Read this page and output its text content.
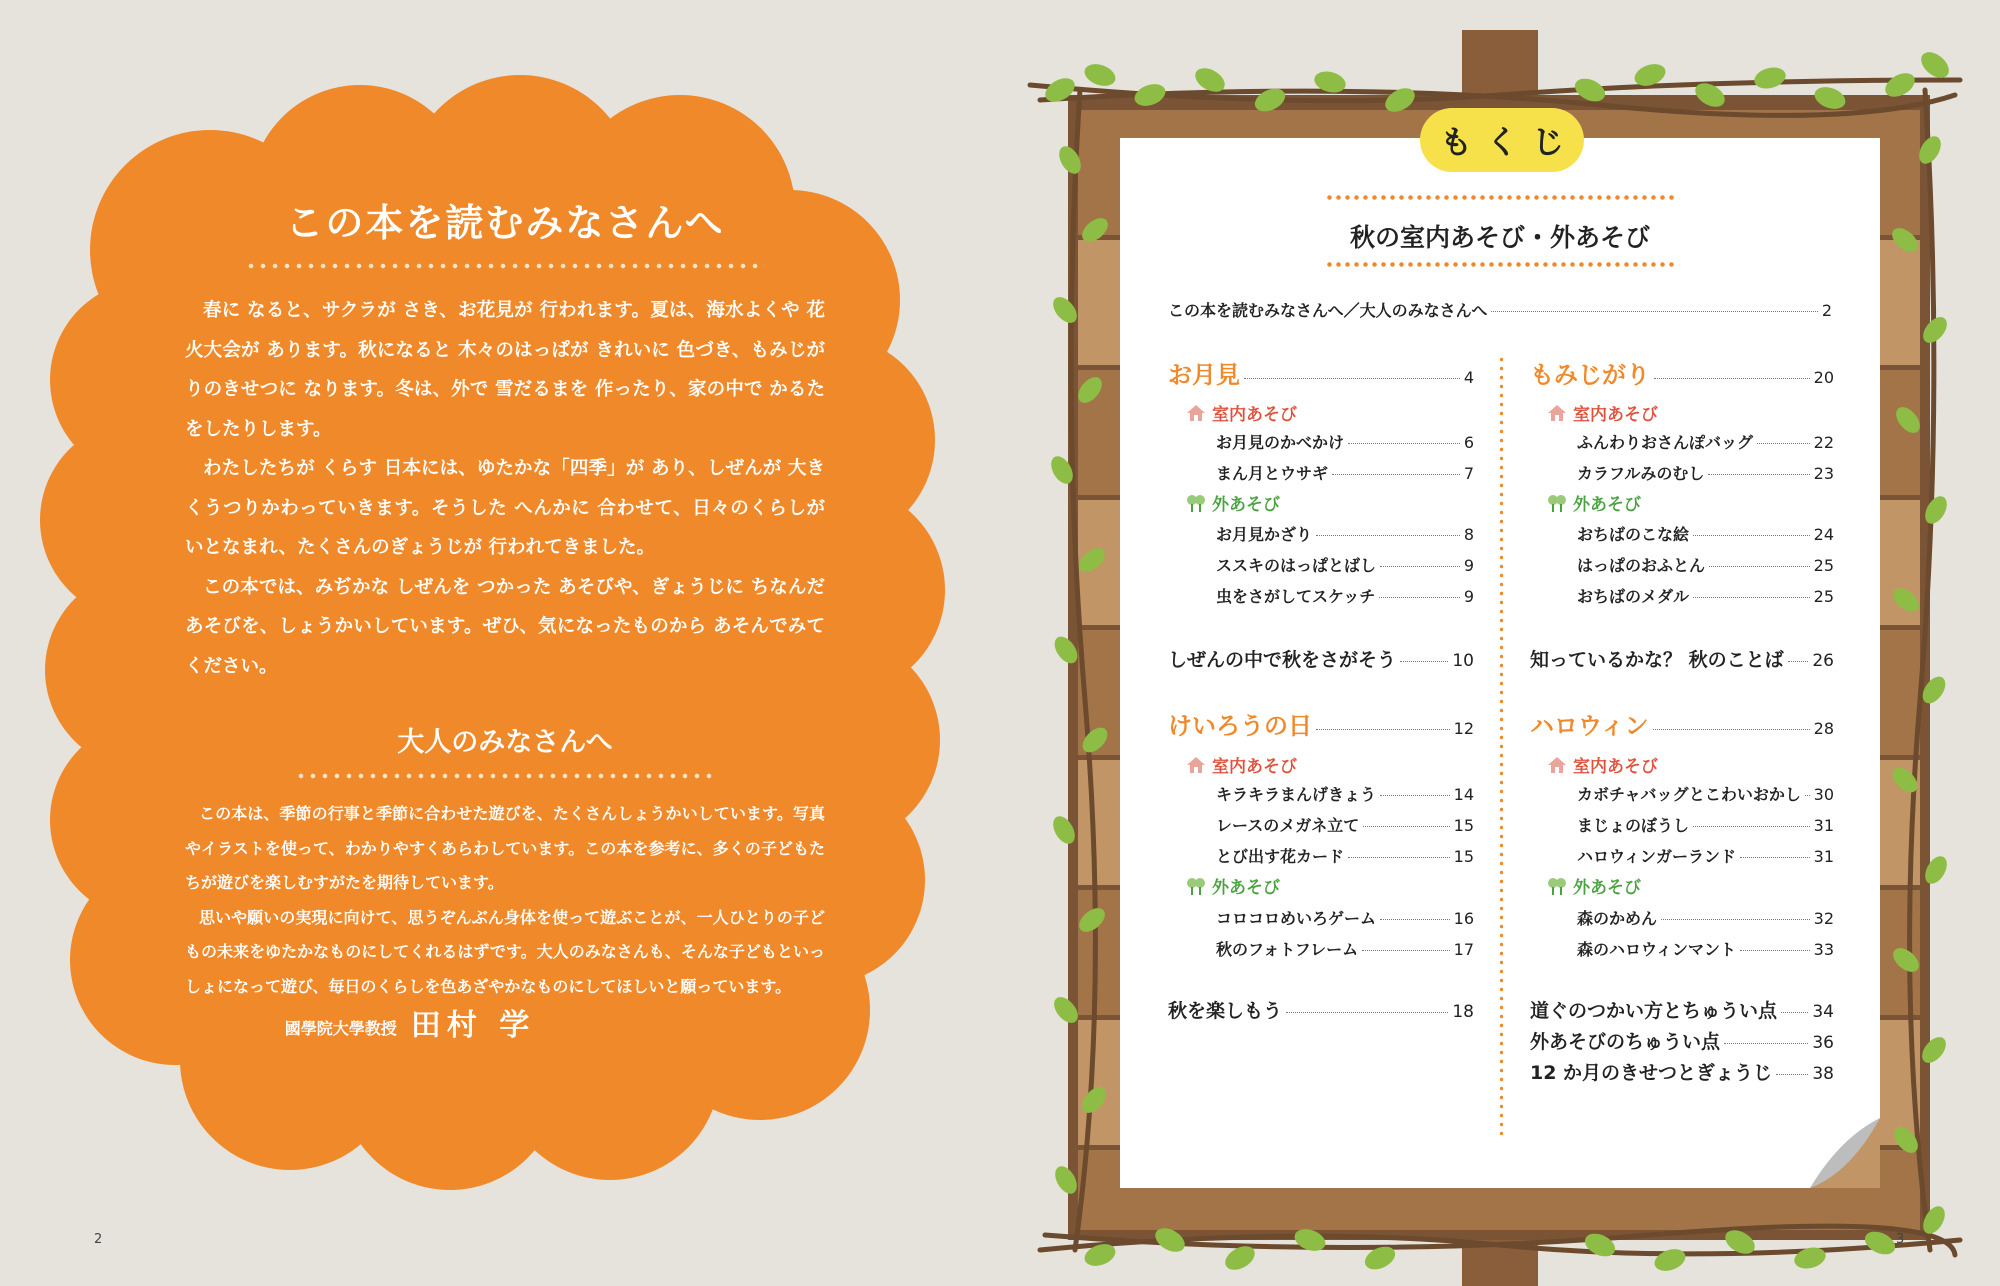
この本を読むみなさんへ

春に なると、サクラが さき、お花見が 行われます。夏は、海水よくや 花火大会が あります。秋になると 木々のはっぱが きれいに 色づき、もみじがりのきせつに なります。冬は、外で 雪だるまを 作ったり、家の中で かるたをしたりします。

わたしたちが くらす 日本には、ゆたかな「四季」が あり、しぜんが 大きくうつりかわっていきます。そうした へんかに 合わせて、日々のくらしが いとなまれ、たくさんのぎょうじが 行われてきました。

この本では、みぢかな しぜんを つかった あそびや、ぎょうじに ちなんだ あそびを、しょうかいしています。ぜひ、気になったものから あそんでみてください。

大人のみなさんへ

この本は、季節の行事と季節に合わせた遊びを、たくさんしょうかいしています。写真やイラストを使って、わかりやすくあらわしています。この本を参考に、多くの子どもたちが遊びを楽しむすがたを期待しています。

思いや願いの実現に向けて、思うぞんぶん身体を使って遊ぶことが、一人ひとりの子どもの未来をゆたかなものにしてくれるはずです。大人のみなさんも、そんな子どもといっしょになって遊び、毎日のくらしを色あざやかなものにしてほしいと願っています。

國學院大學教授 田村 学
2
もくじ
秋の室内あそび・外あそび
この本を読むみなさんへ／大人のみなさんへ	2
お月見	4
室内あそび
お月見のかべかけ	6
まん月とウサギ	7
外あそび
お月見かざり	8
ススキのはっぱとばし	9
虫をさがしてスケッチ	9
しぜんの中で秋をさがそう	10
けいろうの日	12
室内あそび
キラキラまんげきょう	14
レースのメガネ立て	15
とび出す花カード	15
外あそび
コロコロめいろゲーム	16
秋のフォトフレーム	17
秋を楽しもう	18
もみじがり	20
室内あそび
ふんわりおさんぽバッグ	22
カラフルみのむし	23
外あそび
おちばのこな絵	24
はっぱのおふとん	25
おちばのメダル	25
知っているかな？ 秋のことば 26
ハロウィン	28
室内あそび
カボチャバッグとこわいおかし 30
まじょのぼうし	31
ハロウィンガーランド	31
外あそび
森のかめん	32
森のハロウィンマント	33
道ぐのつかい方とちゅうい点 34
外あそびのちゅうい点	36
12 か月のきせつとぎょうじ 38
3
